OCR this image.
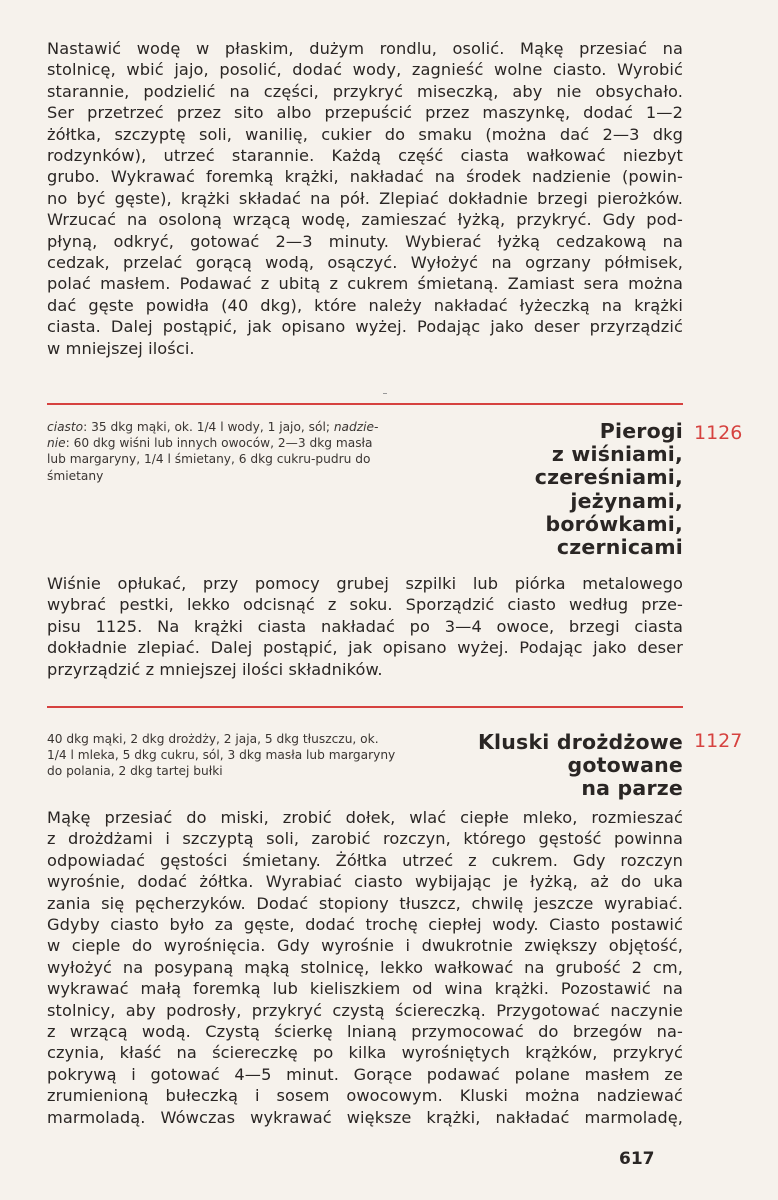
Nastawić wodę w płaskim, dużym rondlu, osolić. Mąkę przesiać na
stolnicę, wbić jajo, posolić, dodać wody, zagnieść wolne ciasto. Wyrobić
starannie, podzielić na części, przykryć miseczką, aby nie obsychało.
Ser przetrzeć przez sito albo przepuścić przez maszynkę, dodać 1—2
żółtka, szczyptę soli, wanilię, cukier do smaku (można dać 2—3 dkg
rodzynków), utrzeć starannie. Każdą część ciasta wałkować niezbyt
grubo. Wykrawać foremką krążki, nakładać na środek nadzienie (powin-
no być gęste), krążki składać na pół. Zlepiać dokładnie brzegi pierożków.
Wrzucać na osoloną wrzącą wodę, zamieszać łyżką, przykryć. Gdy pod-
płyną, odkryć, gotować 2—3 minuty. Wybierać łyżką cedzakową na
cedzak, przelać gorącą wodą, osączyć. Wyłożyć na ogrzany półmisek,
polać masłem. Podawać z ubitą z cukrem śmietaną. Zamiast sera można
dać gęste powidła (40 dkg), które należy nakładać łyżeczką na krążki
ciasta. Dalej postąpić, jak opisano wyżej. Podając jako deser przyrządzić
w mniejszej ilości.
ciasto: 35 dkg mąki, ok. 1/4 l wody, 1 jajo, sól; nadzie-
nie: 60 dkg wiśni lub innych owoców, 2—3 dkg masła
lub margaryny, 1/4 l śmietany, 6 dkg cukru-pudru do
śmietany
Pierogi
z wiśniami,
czereśniami,
jeżynami,
borówkami,
czernicami
1126
Wiśnie opłukać, przy pomocy grubej szpilki lub piórka metalowego
wybrać pestki, lekko odcisnąć z soku. Sporządzić ciasto według prze-
pisu 1125. Na krążki ciasta nakładać po 3—4 owoce, brzegi ciasta
dokładnie zlepiać. Dalej postąpić, jak opisano wyżej. Podając jako deser
przyrządzić z mniejszej ilości składników.
40 dkg mąki, 2 dkg drożdży, 2 jaja, 5 dkg tłuszczu, ok.
1/4 l mleka, 5 dkg cukru, sól, 3 dkg masła lub margaryny
do polania, 2 dkg tartej bułki
Kluski drożdżowe
gotowane
na parze
1127
Mąkę przesiać do miski, zrobić dołek, wlać ciepłe mleko, rozmieszać
z drożdżami i szczyptą soli, zarobić rozczyn, którego gęstość powinna
odpowiadać gęstości śmietany. Żółtka utrzeć z cukrem. Gdy rozczyn
wyrośnie, dodać żółtka. Wyrabiać ciasto wybijając je łyżką, aż do uka
zania się pęcherzyków. Dodać stopiony tłuszcz, chwilę jeszcze wyrabiać.
Gdyby ciasto było za gęste, dodać trochę ciepłej wody. Ciasto postawić
w cieple do wyrośnięcia. Gdy wyrośnie i dwukrotnie zwiększy objętość,
wyłożyć na posypaną mąką stolnicę, lekko wałkować na grubość 2 cm,
wykrawać małą foremką lub kieliszkiem od wina krążki. Pozostawić na
stolnicy, aby podrosły, przykryć czystą ściereczką. Przygotować naczynie
z wrzącą wodą. Czystą ścierkę lnianą przymocować do brzegów na-
czynia, kłaść na ściereczkę po kilka wyrośniętych krążków, przykryć
pokrywą i gotować 4—5 minut. Gorące podawać polane masłem ze
zrumienioną bułeczką i sosem owocowym. Kluski można nadziewać
marmoladą. Wówczas wykrawać większe krążki, nakładać marmoladę,
617
